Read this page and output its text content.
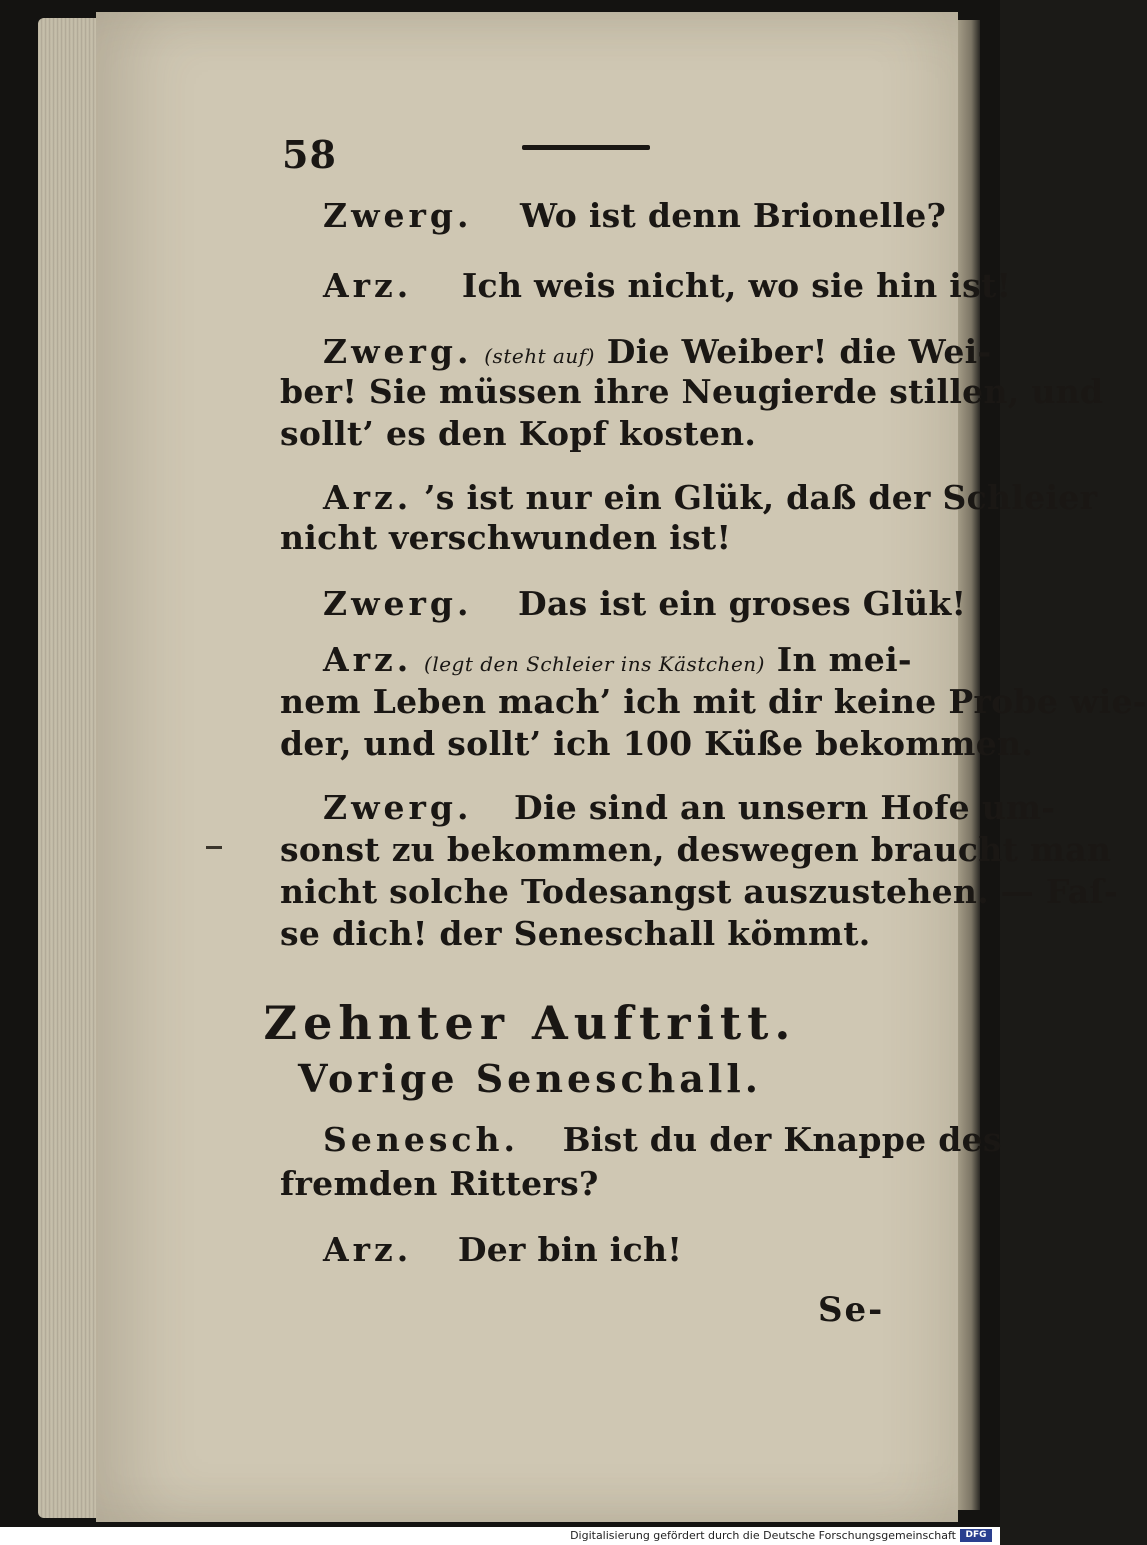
58
Zwerg. Wo ist denn Brionelle?
Arz. Ich weis nicht, wo sie hin ist!
Zwerg. (steht auf) Die Weiber! die Wei-
ber! Sie müssen ihre Neugierde stillen, und
sollt’ es den Kopf kosten.
Arz. ’s ist nur ein Glük, daß der Schleier
nicht verschwunden ist!
Zwerg. Das ist ein groses Glük!
Arz. (legt den Schleier ins Kästchen) In mei-
nem Leben mach’ ich mit dir keine Probe wie-
der, und sollt’ ich 100 Küße bekommen.
Zwerg. Die sind an unsern Hofe um-
sonst zu bekommen, deswegen braucht man
nicht solche Todesangst auszustehen. — Faſ-
se dich! der Seneschall kömmt.
Zehnter Auftritt.
Vorige Seneschall.
Senesch. Bist du der Knappe des
fremden Ritters?
Arz. Der bin ich!
Se-
Digitalisierung gefördert durch die Deutsche Forschungsgemeinschaft	DFG
